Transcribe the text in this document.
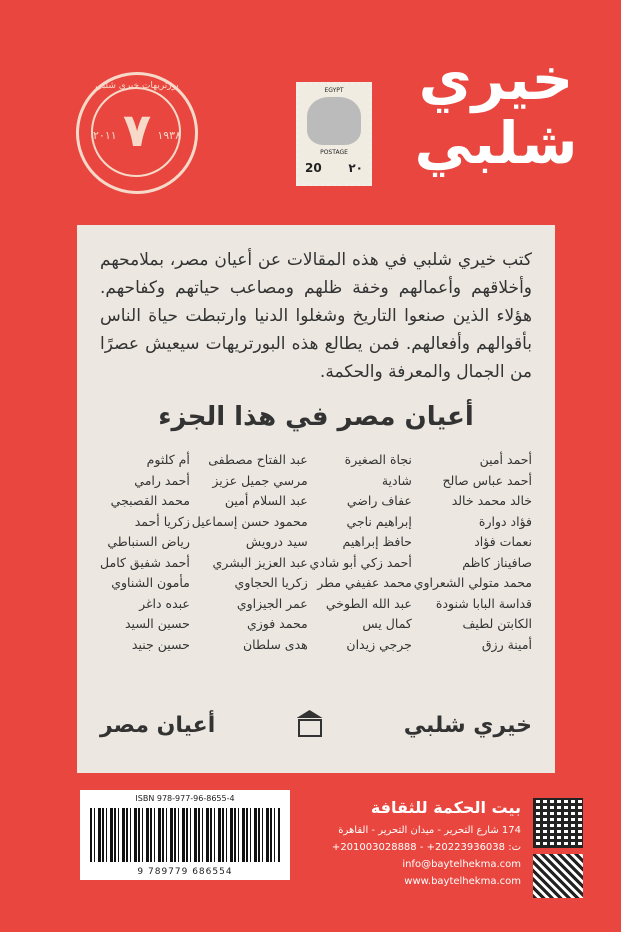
خيري
شلبي
EGYPT
POSTAGE
20 ٢٠
بورتريهات خيري شلبي
٧
٢٠١١	١٩٣٨
كتب خيري شلبي في هذه المقالات عن أعيان مصر، بملامحهم وأخلاقهم وأعمالهم وخفة ظلهم ومصاعب حياتهم وكفاحهم. هؤلاء الذين صنعوا التاريخ وشغلوا الدنيا وارتبطت حياة الناس بأقوالهم وأفعالهم. فمن يطالع هذه البورتريهات سيعيش عصرًا من الجمال والمعرفة والحكمة.
أعيان مصر في هذا الجزء
أم كلثوم
أحمد رامي
محمد القصبجي
زكريا أحمد
رياض السنباطي
أحمد شفيق كامل
مأمون الشناوي
عبده داغر
حسين السيد
حسين جنيد
عبد الفتاح مصطفى
مرسي جميل عزيز
عبد السلام أمين
محمود حسن إسماعيل
سيد درويش
عبد العزيز البشري
زكريا الحجاوي
عمر الجيزاوي
محمد فوزي
هدى سلطان
نجاة الصغيرة
شادية
عفاف راضي
إبراهيم ناجي
حافظ إبراهيم
أحمد زكي أبو شادي
محمد عفيفي مطر
عبد الله الطوخي
كمال يس
جرجي زيدان
أحمد أمين
أحمد عباس صالح
خالد محمد خالد
فؤاد دوارة
نعمات فؤاد
صافيناز كاظم
محمد متولي الشعراوي
قداسة البابا شنودة
الكابتن لطيف
أمينة رزق
أعيان مصر	خيري شلبي
ISBN 978-977-96-8655-4
9 789779 686554
بيت الحكمة للثقافة
174 شارع التحرير - ميدان التحرير - القاهرة
ت: 20223936038+ - 201003028888+
info@baytelhekma.com
www.baytelhekma.com
